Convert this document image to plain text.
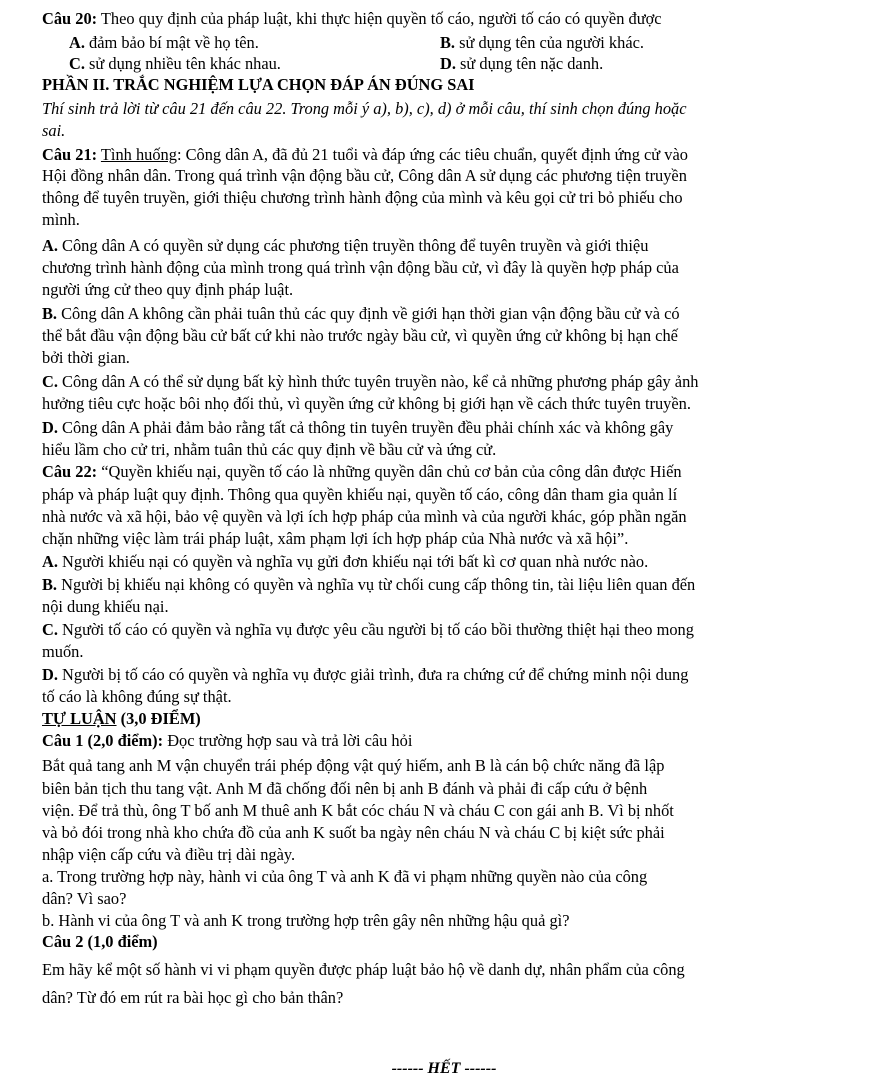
Câu 20: Theo quy định của pháp luật, khi thực hiện quyền tố cáo, người tố cáo có quyền được
A. đảm bảo bí mật về họ tên.	B. sử dụng tên của người khác.
C. sử dụng nhiều tên khác nhau.	D. sử dụng tên nặc danh.
PHẦN II. TRẮC NGHIỆM LỰA CHỌN ĐÁP ÁN ĐÚNG SAI
Thí sinh trả lời từ câu 21 đến câu 22. Trong mỗi ý a), b), c), d) ở mỗi câu, thí sinh chọn đúng hoặc
sai.
Câu 21: Tình huống: Công dân A, đã đủ 21 tuổi và đáp ứng các tiêu chuẩn, quyết định ứng cử vào
Hội đồng nhân dân. Trong quá trình vận động bầu cử, Công dân A sử dụng các phương tiện truyền
thông để tuyên truyền, giới thiệu chương trình hành động của mình và kêu gọi cử tri bỏ phiếu cho
mình.
A. Công dân A có quyền sử dụng các phương tiện truyền thông để tuyên truyền và giới thiệu
chương trình hành động của mình trong quá trình vận động bầu cử, vì đây là quyền hợp pháp của
người ứng cử theo quy định pháp luật.
B. Công dân A không cần phải tuân thủ các quy định về giới hạn thời gian vận động bầu cử và có
thể bắt đầu vận động bầu cử bất cứ khi nào trước ngày bầu cử, vì quyền ứng cử không bị hạn chế
bởi thời gian.
C. Công dân A có thể sử dụng bất kỳ hình thức tuyên truyền nào, kể cả những phương pháp gây ảnh
hưởng tiêu cực hoặc bôi nhọ đối thủ, vì quyền ứng cử không bị giới hạn về cách thức tuyên truyền.
D. Công dân A phải đảm bảo rằng tất cả thông tin tuyên truyền đều phải chính xác và không gây
hiểu lầm cho cử tri, nhằm tuân thủ các quy định về bầu cử và ứng cử.
Câu 22: “Quyền khiếu nại, quyền tố cáo là những quyền dân chủ cơ bản của công dân được Hiến
pháp và pháp luật quy định. Thông qua quyền khiếu nại, quyền tố cáo, công dân tham gia quản lí
nhà nước và xã hội, bảo vệ quyền và lợi ích hợp pháp của mình và của người khác, góp phần ngăn
chặn những việc làm trái pháp luật, xâm phạm lợi ích hợp pháp của Nhà nước và xã hội”.
A. Người khiếu nại có quyền và nghĩa vụ gửi đơn khiếu nại tới bất kì cơ quan nhà nước nào.
B. Người bị khiếu nại không có quyền và nghĩa vụ từ chối cung cấp thông tin, tài liệu liên quan đến
nội dung khiếu nại.
C. Người tố cáo có quyền và nghĩa vụ được yêu cầu người bị tố cáo bồi thường thiệt hại theo mong
muốn.
D. Người bị tố cáo có quyền và nghĩa vụ được giải trình, đưa ra chứng cứ để chứng minh nội dung
tố cáo là không đúng sự thật.
TỰ LUẬN (3,0 ĐIỂM)
Câu 1 (2,0 điểm): Đọc trường hợp sau và trả lời câu hỏi
Bắt quả tang anh M vận chuyển trái phép động vật quý hiếm, anh B là cán bộ chức năng đã lập
biên bản tịch thu tang vật. Anh M đã chống đối nên bị anh B đánh và phải đi cấp cứu ở bệnh
viện. Để trả thù, ông T bố anh M thuê anh K bắt cóc cháu N và cháu C con gái anh B. Vì bị nhốt
và bỏ đói trong nhà kho chứa đồ của anh K suốt ba ngày nên cháu N và cháu C bị kiệt sức phải
nhập viện cấp cứu và điều trị dài ngày.
a. Trong trường hợp này, hành vi của ông T và anh K đã vi phạm những quyền nào của công
dân? Vì sao?
b. Hành vi của ông T và anh K trong trường hợp trên gây nên những hậu quả gì?
Câu 2 (1,0 điểm)
Em hãy kể một số hành vi vi phạm quyền được pháp luật bảo hộ về danh dự, nhân phẩm của công
dân? Từ đó em rút ra bài học gì cho bản thân?
------ HẾT ------
